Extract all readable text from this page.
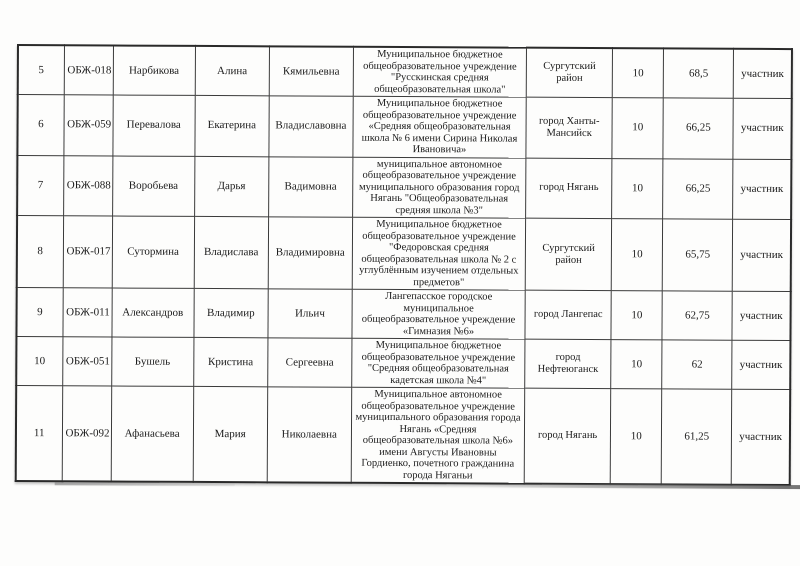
5	ОБЖ-018	Нарбикова	Алина	Кямильевна	Муниципальное бюджетное общеобразовательное учреждение "Русскинская средняя общеобразовательная школа"	Сургутский район	10	68,5	участник
6	ОБЖ-059	Перевалова	Екатерина	Владиславовна	Муниципальное бюджетное общеобразовательное учреждение «Средняя общеобразовательная школа № 6 имени Сирина Николая Ивановича»	город Ханты-Мансийск	10	66,25	участник
7	ОБЖ-088	Воробьева	Дарья	Вадимовна	муниципальное автономное общеобразовательное учреждение муниципального образования город Нягань "Общеобразовательная средняя школа №3"	город Нягань	10	66,25	участник
8	ОБЖ-017	Сутормина	Владислава	Владимировна	Муниципальное бюджетное общеобразовательное учреждение "Федоровская средняя общеобразовательная школа № 2 с углублённым изучением отдельных предметов"	Сургутский район	10	65,75	участник
9	ОБЖ-011	Александров	Владимир	Ильич	Лангепасское городское муниципальное общеобразовательное учреждение «Гимназия №6»	город Лангепас	10	62,75	участник
10	ОБЖ-051	Бушель	Кристина	Сергеевна	Муниципальное бюджетное общеобразовательное учреждение "Средняя общеобразовательная кадетская школа №4"	город Нефтеюганск	10	62	участник
11	ОБЖ-092	Афанасьева	Мария	Николаевна	Муниципальное автономное общеобразовательное учреждение муниципального образования города Нягань «Средняя общеобразовательная школа №6» имени Августы Ивановны Гордиенко, почетного гражданина города Няганьи	город Нягань	10	61,25	участник
